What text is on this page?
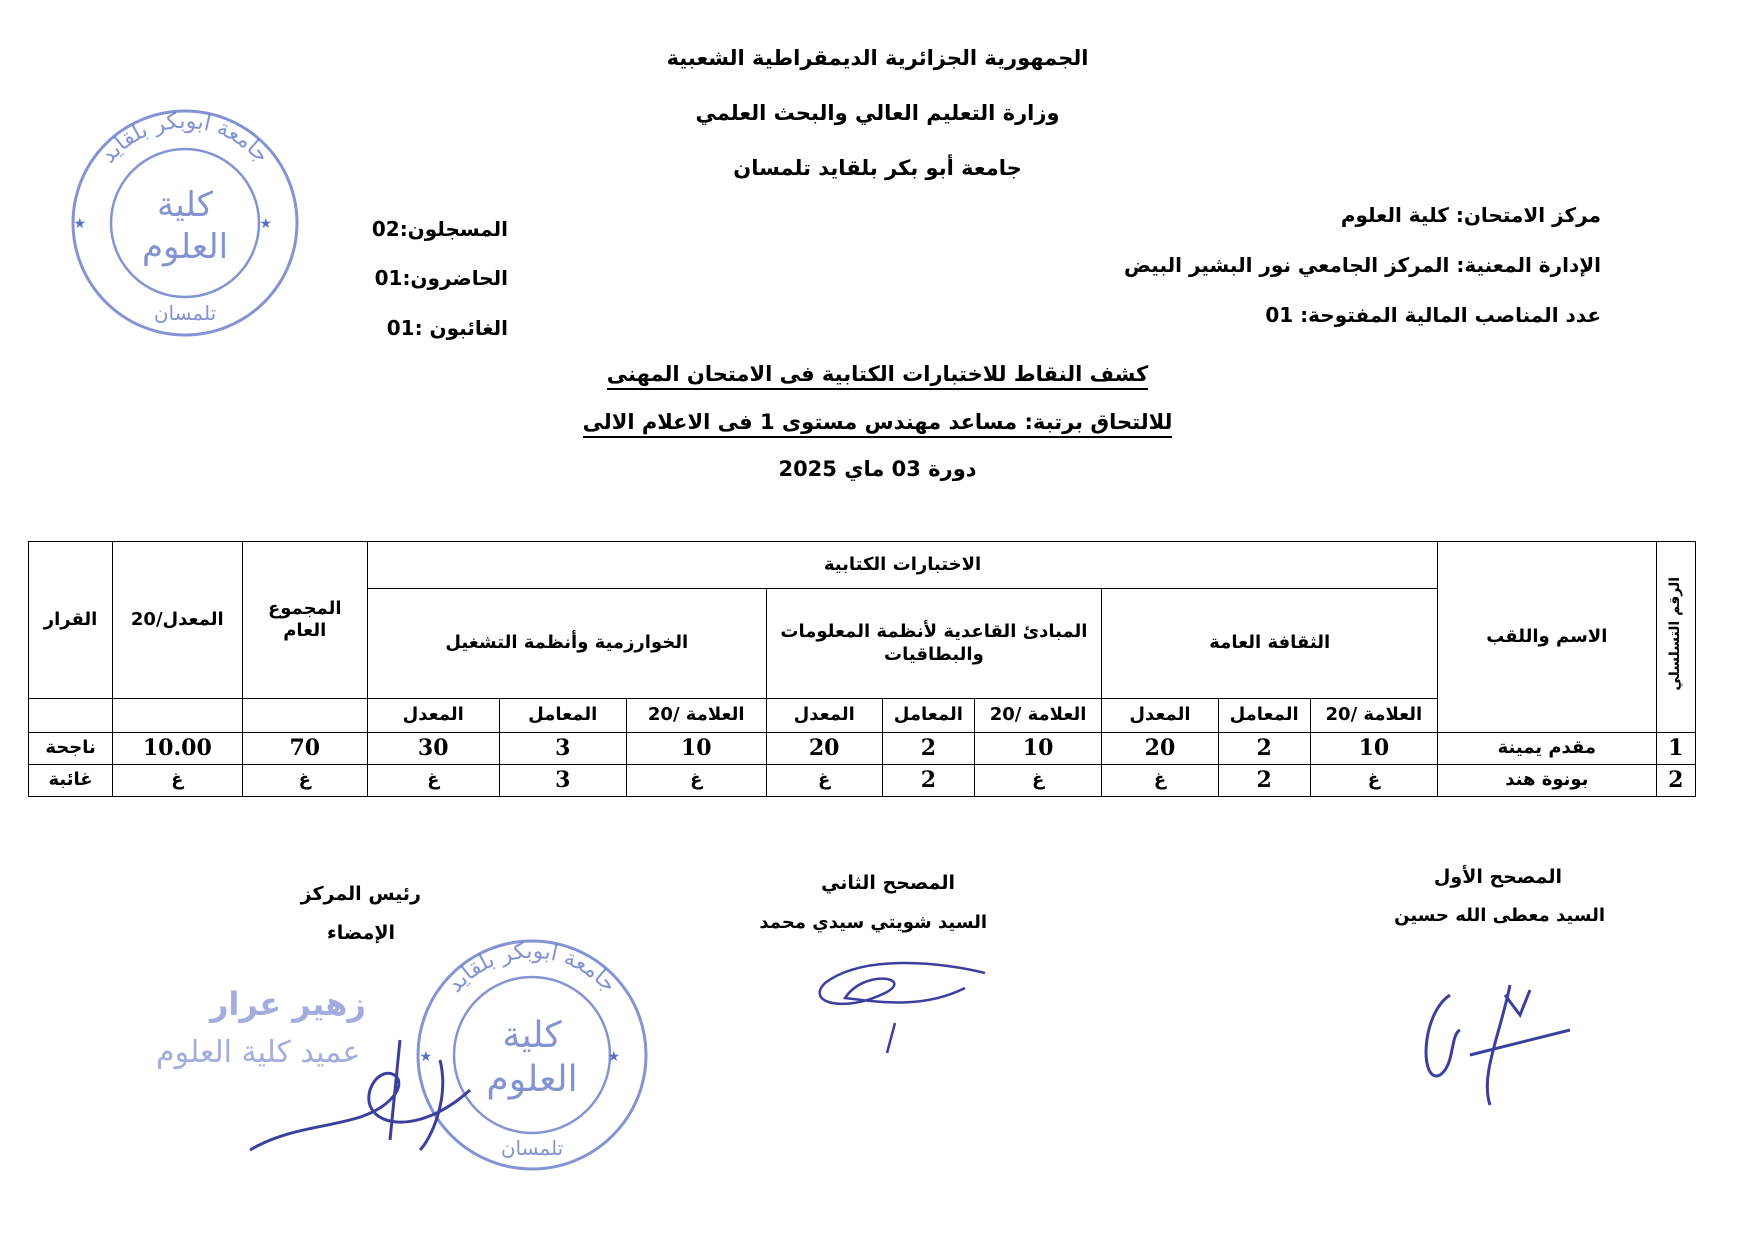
الجمهورية الجزائرية الديمقراطية الشعبية
وزارة التعليم العالي والبحث العلمي
جامعة أبو بكر بلقايد تلمسان
مركز الامتحان: كلية العلوم
الإدارة المعنية: المركز الجامعي نور البشير البيض
عدد المناصب المالية المفتوحة: 01
المسجلون:02
الحاضرون:01
الغائبون :01
كشف النقاط للاختبارات الكتابية فى الامتحان المهنى
للالتحاق برتبة: مساعد مهندس مستوى 1 فى الاعلام الالى
دورة 03 ماي 2025
الرقم التسلسلي	الاسم واللقب	الاختبارات الكتابية									المجموع العام	المعدل/20	القرار
		الثقافة العامة			المبادئ القاعدية لأنظمة المعلومات والبطاقيات			الخوارزمية وأنظمة التشغيل					
		العلامة /20	المعامل	المعدل	العلامة /20	المعامل	المعدل	العلامة /20	المعامل	المعدل			
1	مقدم يمينة	10	2	20	10	2	20	10	3	30	70	10.00	ناجحة
2	بونوة هند	غ	2	غ	غ	2	غ	غ	3	غ	غ	غ	غائبة
المصحح الأول
السيد معطى الله حسين
المصحح الثاني
السيد شويتي سيدي محمد
رئيس المركز
الإمضاء
جامعة ابوبكر بلقايد
كلية
العلوم
تلمسان
★	★
زهير عرار
عميد كلية العلوم
جامعة ابوبكر بلقايد
كلية
العلوم
تلمسان
★	★
